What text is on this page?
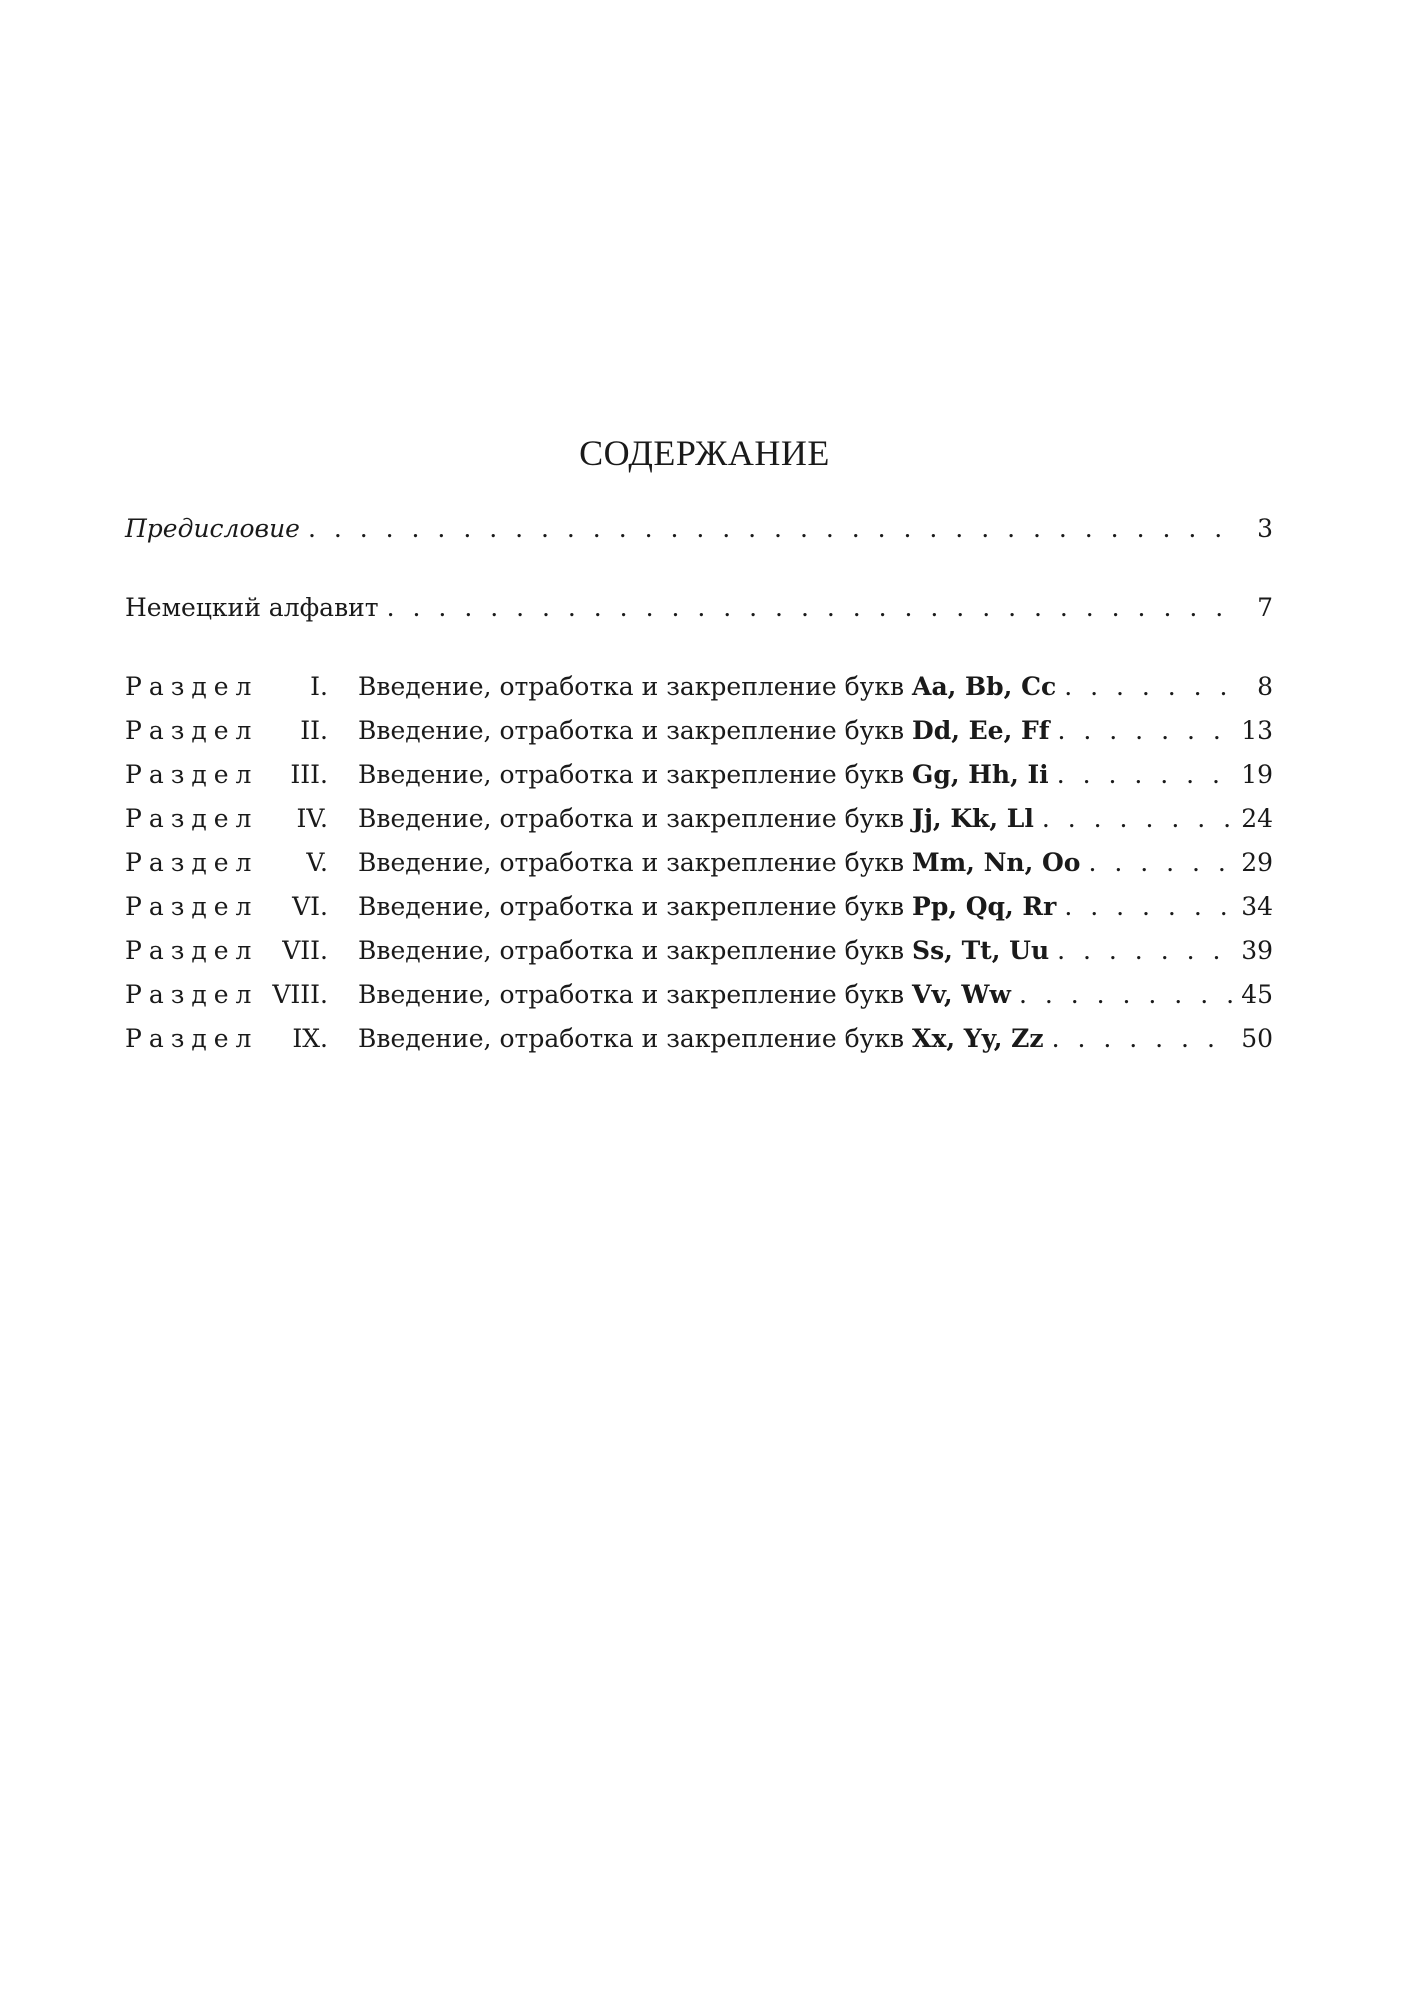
СОДЕРЖАНИЕ
Предисловие . . .	3
Немецкий алфавит . . .	7
Раздел	I.	Введение, отработка и закрепление букв Aa, Bb, Cc . . .	8
Раздел	II.	Введение, отработка и закрепление букв Dd, Ee, Ff . . .	13
Раздел	III.	Введение, отработка и закрепление букв Gg, Hh, Ii . . .	19
Раздел	IV.	Введение, отработка и закрепление букв Jj, Kk, Ll . . .	24
Раздел	V.	Введение, отработка и закрепление букв Mm, Nn, Oo . . .	29
Раздел	VI.	Введение, отработка и закрепление букв Pp, Qq, Rr . . .	34
Раздел VII.	Введение, отработка и закрепление букв Ss, Tt, Uu . . .	39
Раздел VIII.	Введение, отработка и закрепление букв Vv, Ww . . .	45
Раздел	IX.	Введение, отработка и закрепление букв Xx, Yy, Zz . . .	50
